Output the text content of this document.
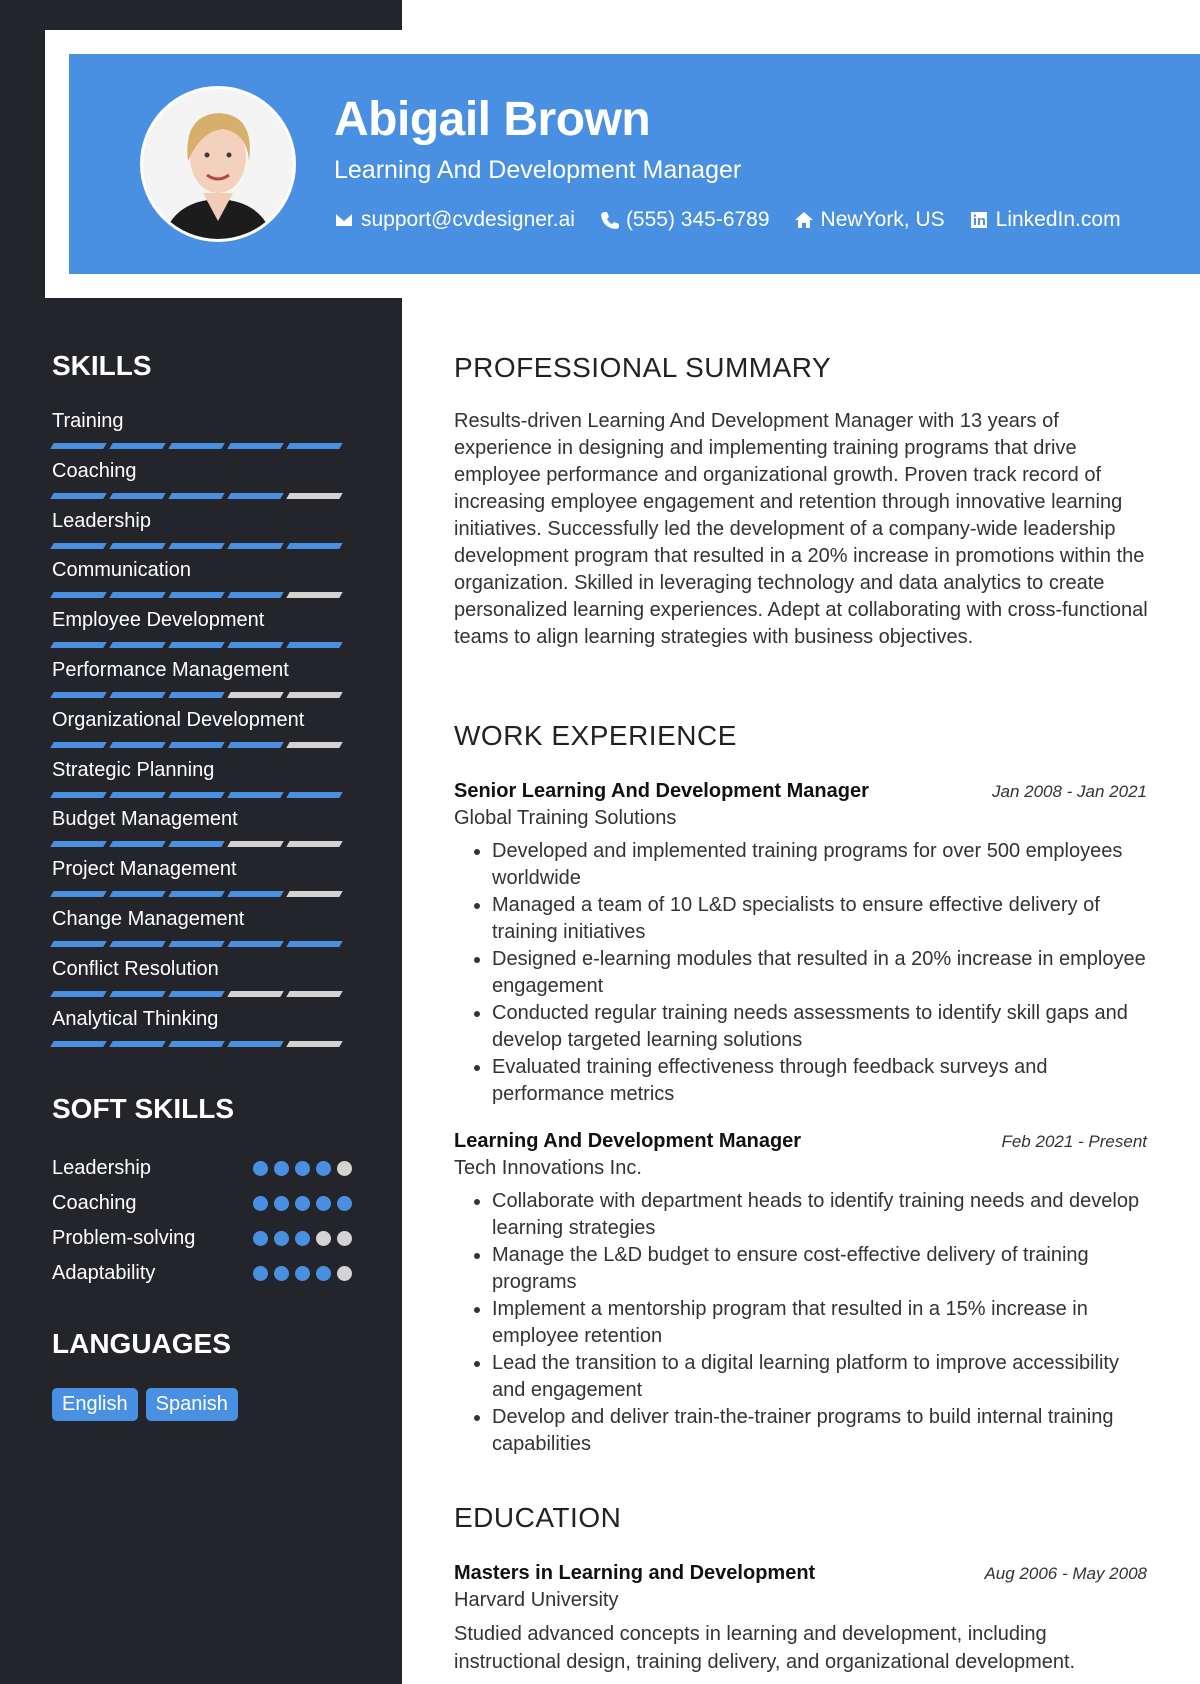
Abigail Brown
Learning And Development Manager
support@cvdesigner.ai (555) 345-6789 NewYork, US LinkedIn.com
SKILLS
Training
Coaching
Leadership
Communication
Employee Development
Performance Management
Organizational Development
Strategic Planning
Budget Management
Project Management
Change Management
Conflict Resolution
Analytical Thinking
SOFT SKILLS
Leadership
Coaching
Problem-solving
Adaptability
LANGUAGES
English	Spanish
PROFESSIONAL SUMMARY
Results-driven Learning And Development Manager with 13 years of experience in designing and implementing training programs that drive employee performance and organizational growth. Proven track record of increasing employee engagement and retention through innovative learning initiatives. Successfully led the development of a company-wide leadership development program that resulted in a 20% increase in promotions within the organization. Skilled in leveraging technology and data analytics to create personalized learning experiences. Adept at collaborating with cross-functional teams to align learning strategies with business objectives.
WORK EXPERIENCE
Senior Learning And Development Manager	Jan 2008 - Jan 2021
Global Training Solutions
• Developed and implemented training programs for over 500 employees worldwide
• Managed a team of 10 L&D specialists to ensure effective delivery of training initiatives
• Designed e-learning modules that resulted in a 20% increase in employee engagement
• Conducted regular training needs assessments to identify skill gaps and develop targeted learning solutions
• Evaluated training effectiveness through feedback surveys and performance metrics
Learning And Development Manager	Feb 2021 - Present
Tech Innovations Inc.
• Collaborate with department heads to identify training needs and develop learning strategies
• Manage the L&D budget to ensure cost-effective delivery of training programs
• Implement a mentorship program that resulted in a 15% increase in employee retention
• Lead the transition to a digital learning platform to improve accessibility and engagement
• Develop and deliver train-the-trainer programs to build internal training capabilities
EDUCATION
Masters in Learning and Development	Aug 2006 - May 2008
Harvard University
Studied advanced concepts in learning and development, including instructional design, training delivery, and organizational development.
